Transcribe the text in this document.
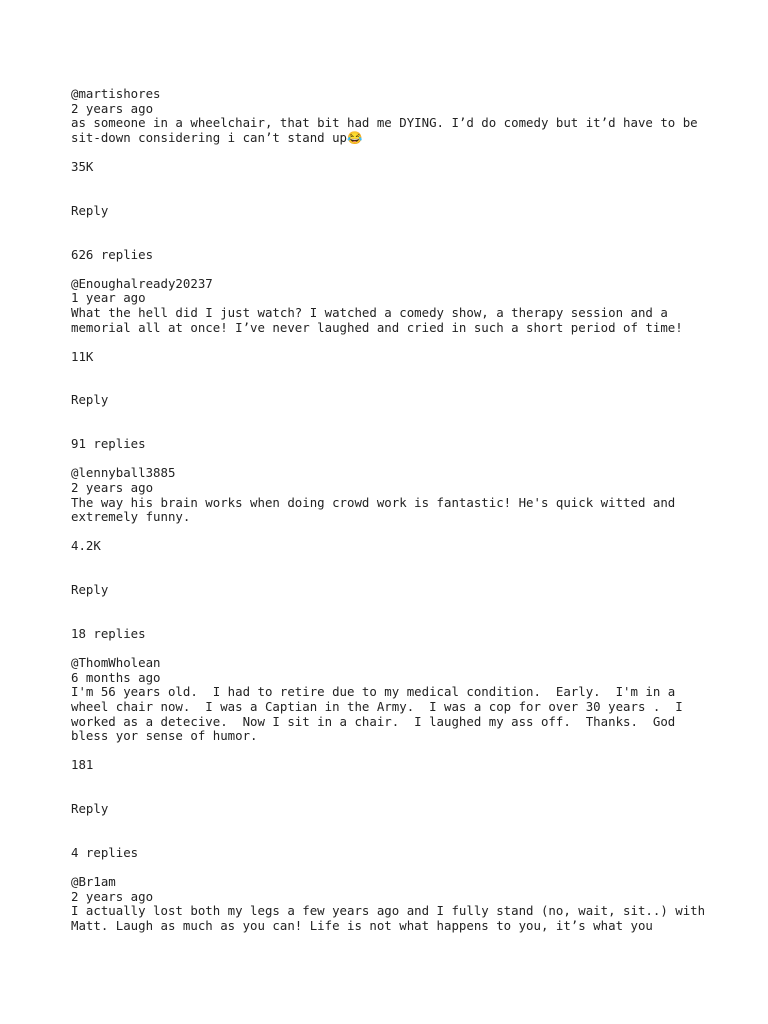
@martishores
2 years ago
as someone in a wheelchair, that bit had me DYING. I’d do comedy but it’d have to be sit-down considering i can’t stand up😂
35K
Reply
626 replies
@Enoughalready20237
1 year ago
What the hell did I just watch? I watched a comedy show, a therapy session and a memorial all at once! I’ve never laughed and cried in such a short period of time!
11K
Reply
91 replies
@lennyball3885
2 years ago
The way his brain works when doing crowd work is fantastic! He's quick witted and extremely funny.
4.2K
Reply
18 replies
@ThomWholean
6 months ago
I'm 56 years old.  I had to retire due to my medical condition.  Early.  I'm in a wheel chair now.  I was a Captian in the Army.  I was a cop for over 30 years .  I worked as a detecive.  Now I sit in a chair.  I laughed my ass off.  Thanks.  God bless yor sense of humor.
181
Reply
4 replies
@Br1am
2 years ago
I actually lost both my legs a few years ago and I fully stand (no, wait, sit..) with Matt. Laugh as much as you can! Life is not what happens to you, it’s what you
